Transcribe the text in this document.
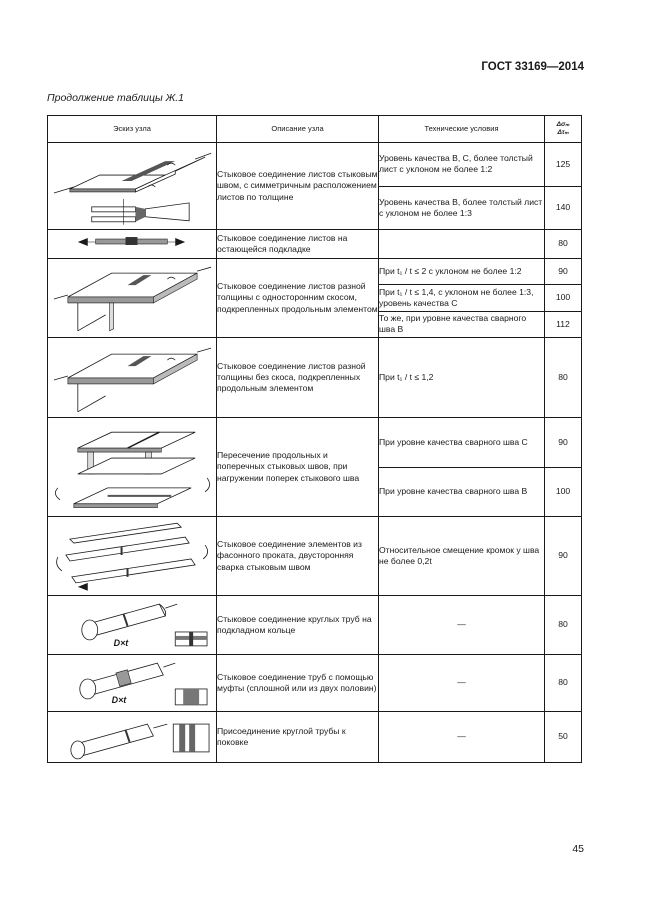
ГОСТ 33169—2014
Продолжение таблицы Ж.1
Эскиз узла	Описание узла	Технические условия	Δσₘ
Δτₘ

	Стыковое соединение листов стыковым швом, с симметричным расположением листов по толщине	Уровень качества B, C, более толстый лист с уклоном не более 1:2	125
		Уровень качества B, более толстый лист с уклоном не более 1:3	140

	Стыковое соединение листов на остающейся подкладке		80

	Стыковое соединение листов разной толщины с односторонним скосом, подкрепленных продольным элементом	При t₁ / t ≤ 2 с уклоном не более 1:2	90
		При t₁ / t ≤ 1,4, с уклоном не более 1:3, уровень качества C	100
		То же, при уровне качества сварного шва B	112

	Стыковое соединение листов разной толщины без скоса, подкрепленных продольным элементом	При t₁ / t ≤ 1,2	80

	Пересечение продольных и поперечных стыковых швов, при нагружении поперек стыкового шва	При уровне качества сварного шва C	90
		При уровне качества сварного шва B	100

	Стыковое соединение элементов из фасонного проката, двусторонняя сварка стыковым швом	Относительное смещение кромок у шва не более 0,2t	90

D×t	Стыковое соединение круглых труб на подкладном кольце	—	80

D×t	Стыковое соединение труб с помощью муфты (сплошной или из двух половин)	—	80

	Присоединение круглой трубы к поковке	—	50
45
